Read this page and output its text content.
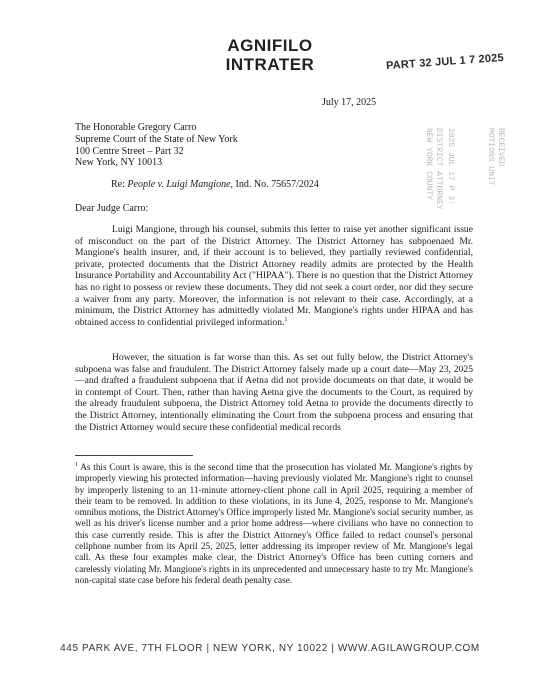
AGNIFILO
INTRATER	PART 32 JUL 1 7 2025
2025 JUL 17 P 3:
DISTRICT ATTORNEY
NEW YORK COUNTY	RECEIVED
MOTIONS UNIT
July 17, 2025
The Honorable Gregory Carro
Supreme Court of the State of New York
100 Centre Street – Part 32
New York, NY 10013
Re: People v. Luigi Mangione, Ind. No. 75657/2024
Dear Judge Carro:

Luigi Mangione, through his counsel, submits this letter to raise yet another significant issue of misconduct on the part of the District Attorney. The District Attorney has subpoenaed Mr. Mangione's health insurer, and, if their account is to believed, they partially reviewed confidential, private, protected documents that the District Attorney readily admits are protected by the Health Insurance Portability and Accountability Act ("HIPAA"). There is no question that the District Attorney has no right to possess or review these documents. They did not seek a court order, nor did they secure a waiver from any party. Moreover, the information is not relevant to their case. Accordingly, at a minimum, the District Attorney has admittedly violated Mr. Mangione's rights under HIPAA and has obtained access to confidential privileged information.$^1$

However, the situation is far worse than this. As set out fully below, the District Attorney's subpoena was false and fraudulent. The District Attorney falsely made up a court date—May 23, 2025—and drafted a fraudulent subpoena that if Aetna did not provide documents on that date, it would be in contempt of Court. Then, rather than having Aetna give the documents to the Court, as required by the already fraudulent subpoena, the District Attorney told Aetna to provide the documents directly to the District Attorney, intentionally eliminating the Court from the subpoena process and ensuring that the District Attorney would secure these confidential medical records

$^1$ As this Court is aware, this is the second time that the prosecution has violated Mr. Mangione's rights by improperly viewing his protected information—having previously violated Mr. Mangione's right to counsel by improperly listening to an 11-minute attorney-client phone call in April 2025, requiring a member of their team to be removed. In addition to these violations, in its June 4, 2025, response to Mr. Mangione's omnibus motions, the District Attorney's Office improperly listed Mr. Mangione's social security number, as well as his driver's license number and a prior home address—where civilians who have no connection to this case currently reside. This is after the District Attorney's Office failed to redact counsel's personal cellphone number from its April 25, 2025, letter addressing its improper review of Mr. Mangione's legal call. As these four examples make clear, the District Attorney's Office has been cutting corners and carelessly violating Mr. Mangione's rights in its unprecedented and unnecessary haste to try Mr. Mangione's non-capital state case before his federal death penalty case.

445 PARK AVE, 7TH FLOOR | NEW YORK, NY 10022 | WWW.AGILAWGROUP.COM
